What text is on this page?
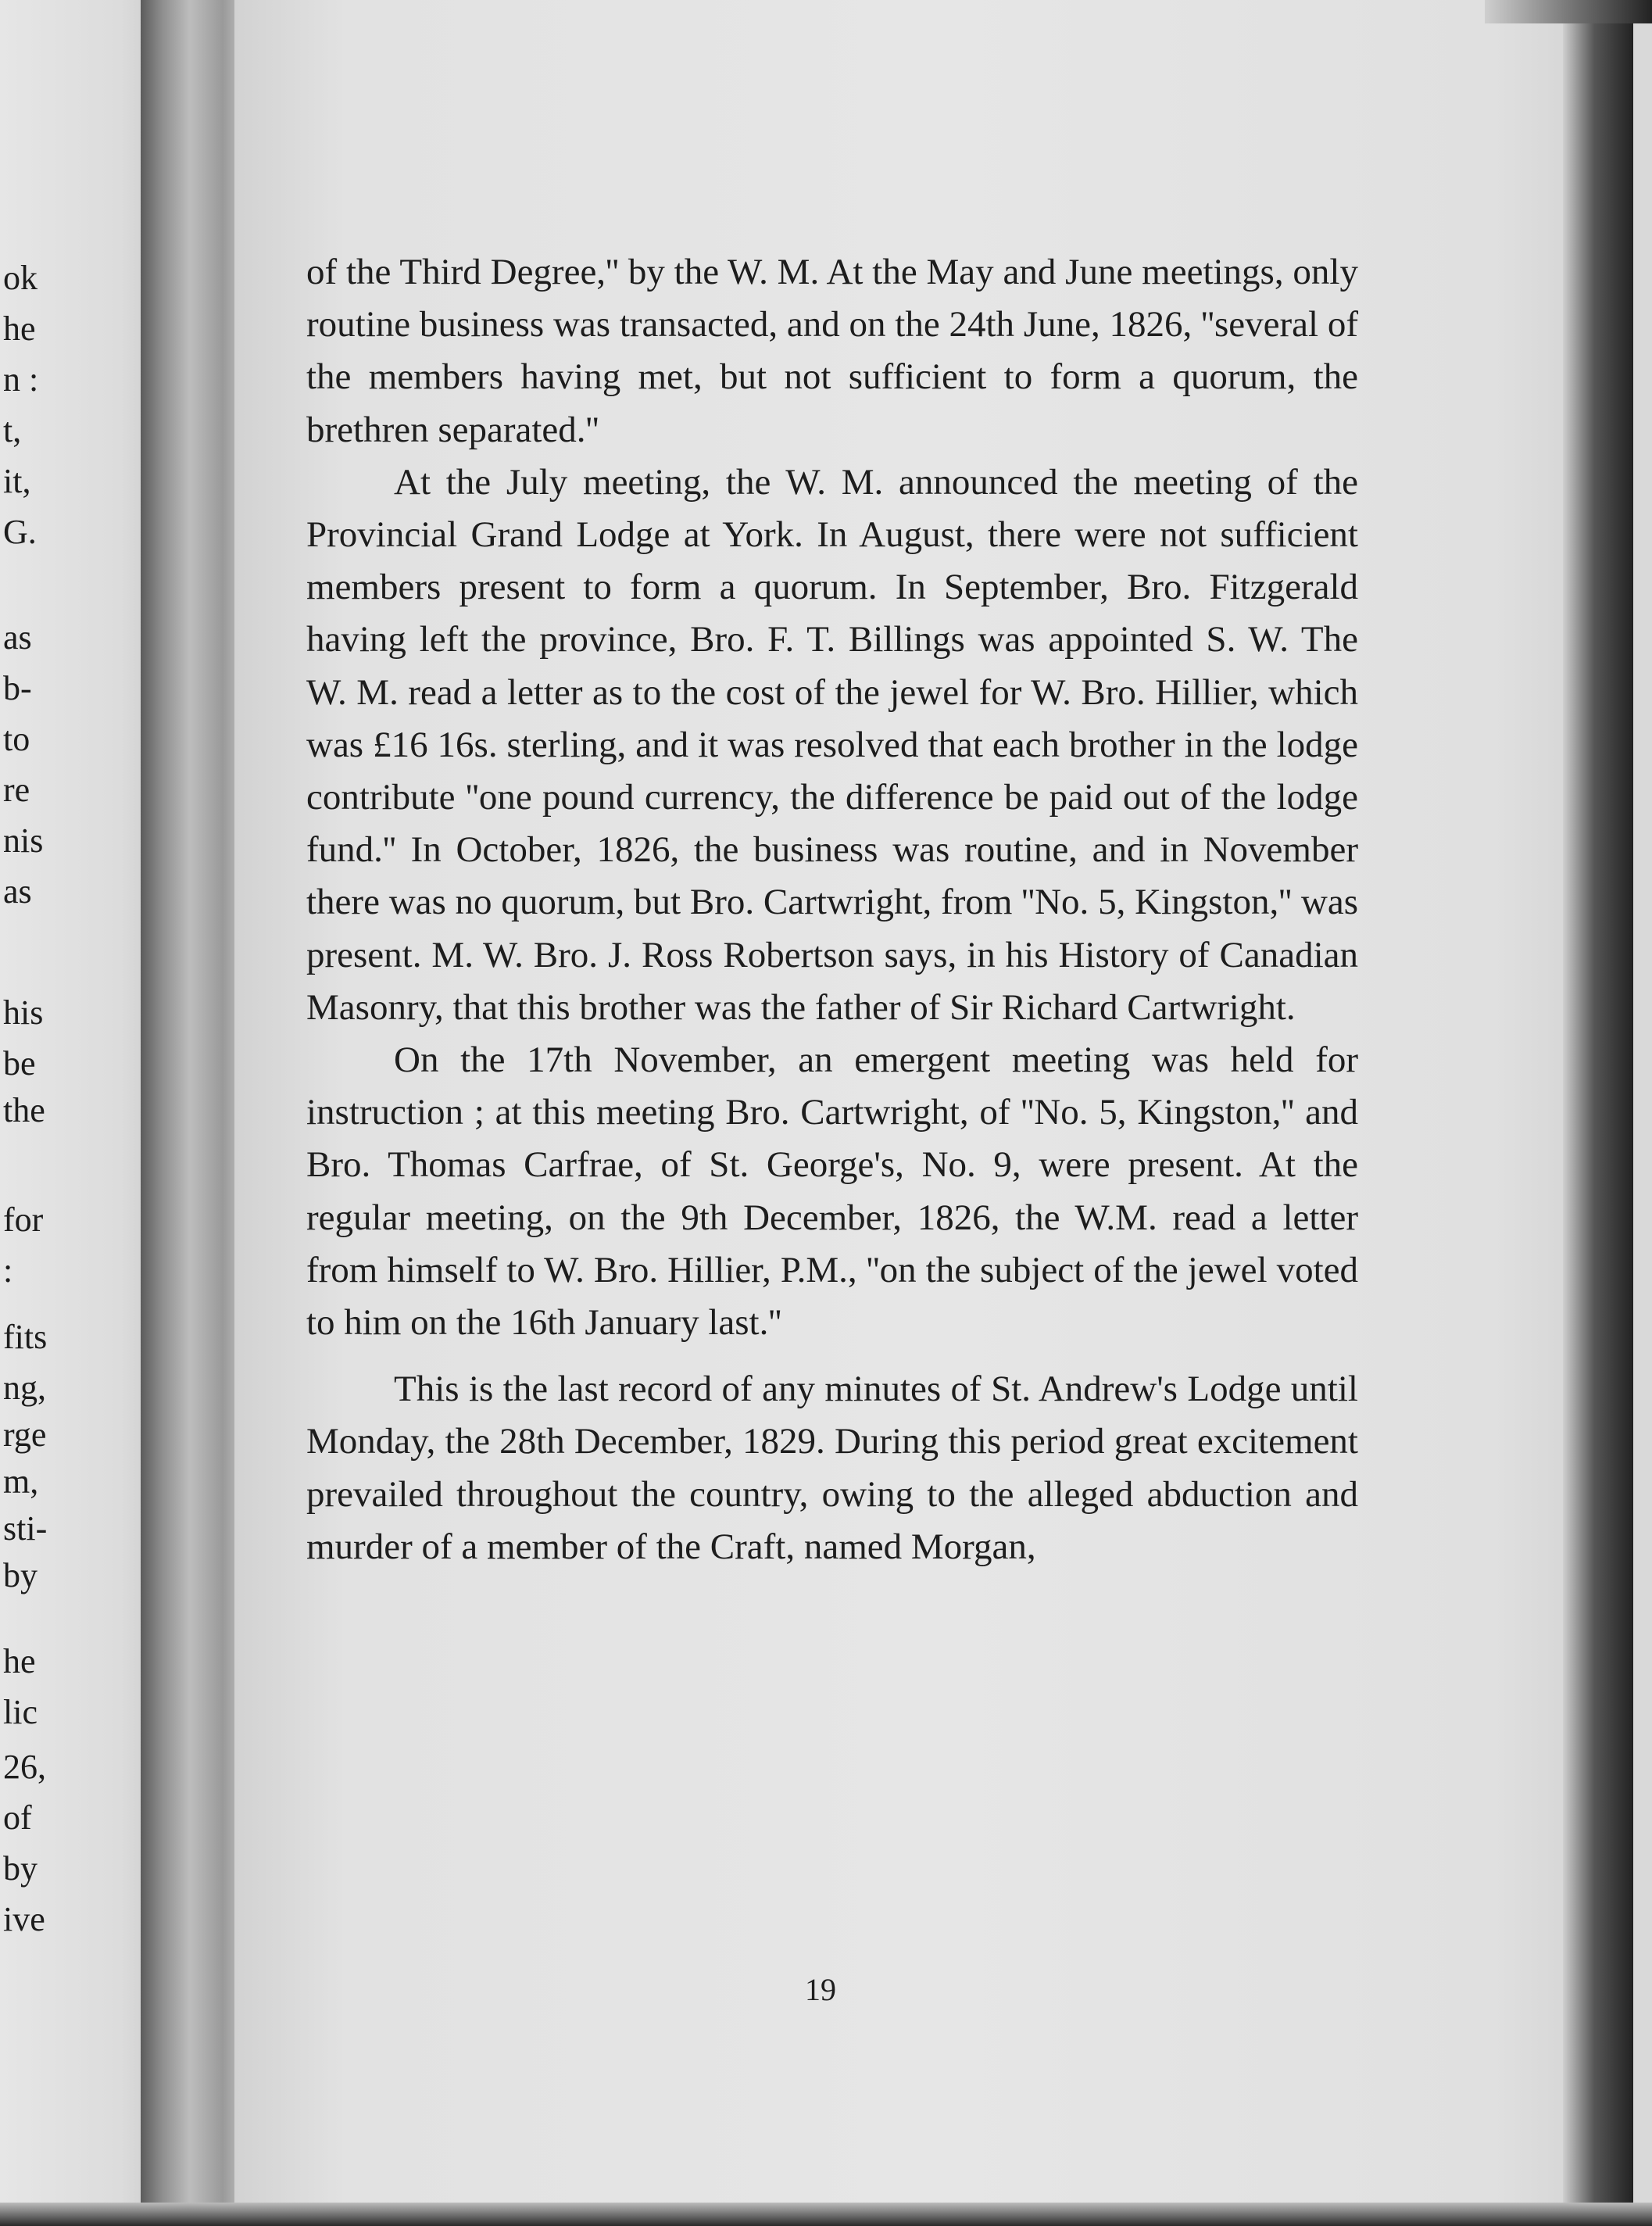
ok
he
n :
t,
it,
G.
as
b-
to
re
nis
as
his
be
the
for
:
fits
ng,
rge
m,
sti-
by
he
lic
26,
of
by
ive

of the Third Degree,'' by the W. M. At the May and June meetings, only routine business was transacted, and on the 24th June, 1826, ''several of the members having met, but not sufficient to form a quorum, the brethren separated.''

At the July meeting, the W. M. announced the meeting of the Provincial Grand Lodge at York. In August, there were not sufficient members present to form a quorum. In September, Bro. Fitzgerald having left the province, Bro. F. T. Billings was appointed S. W. The W. M. read a letter as to the cost of the jewel for W. Bro. Hillier, which was £16 16s. sterling, and it was resolved that each brother in the lodge contribute ''one pound currency, the difference be paid out of the lodge fund.'' In October, 1826, the business was routine, and in November there was no quorum, but Bro. Cartwright, from ''No. 5, Kingston,'' was present. M. W. Bro. J. Ross Robertson says, in his History of Canadian Masonry, that this brother was the father of Sir Richard Cartwright.

On the 17th November, an emergent meeting was held for instruction ; at this meeting Bro. Cartwright, of ''No. 5, Kingston,'' and Bro. Thomas Carfrae, of St. George's, No. 9, were present. At the regular meeting, on the 9th December, 1826, the W.M. read a letter from himself to W. Bro. Hillier, P.M., ''on the subject of the jewel voted to him on the 16th January last.''

This is the last record of any minutes of St. Andrew's Lodge until Monday, the 28th December, 1829. During this period great excitement prevailed throughout the country, owing to the alleged abduction and murder of a member of the Craft, named Morgan,

19
